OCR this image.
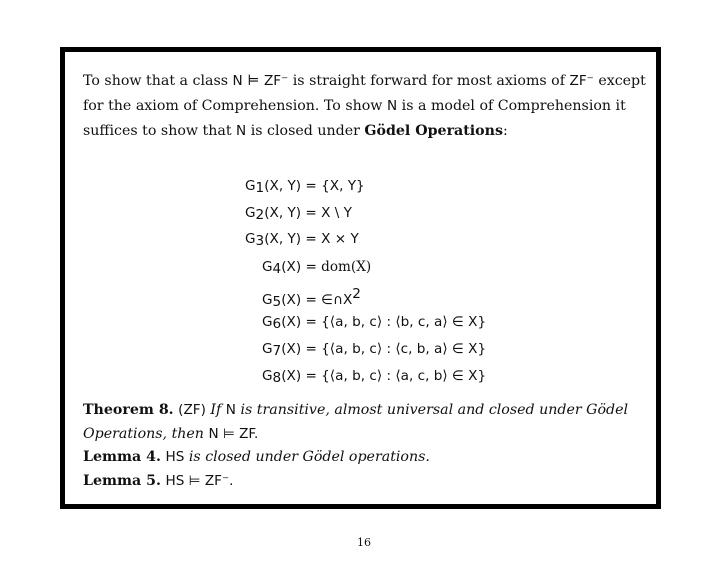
To show that a class N ⊨ ZF⁻ is straight forward for most axioms of ZF⁻ except
for the axiom of Comprehension. To show N is a model of Comprehension it
suffices to show that N is closed under Gödel Operations:
$G_1(X$, Y) = {X, Y}
$G_2(X$, Y) = X \ Y
$G_3(X$, Y) = X × Y
$G_4(X) = dom(X)$
$G_5(X)$ = $\in\cap X^2$
$G_6(X)$ = {⟨a, b, c⟩ : ⟨b, c, a⟩ ∈ X}
$G_7(X)$ = {⟨a, b, c⟩ : ⟨c, b, a⟩ ∈ X}
$G_8(X)$ = {⟨a, b, c⟩ : ⟨a, c, b⟩ ∈ X}
Theorem 8. (ZF) If N is transitive, almost universal and closed under Gödel
Operations, then N ⊨ ZF.
Lemma 4. HS is closed under Gödel operations.
Lemma 5. HS ⊨ ZF⁻.
16
